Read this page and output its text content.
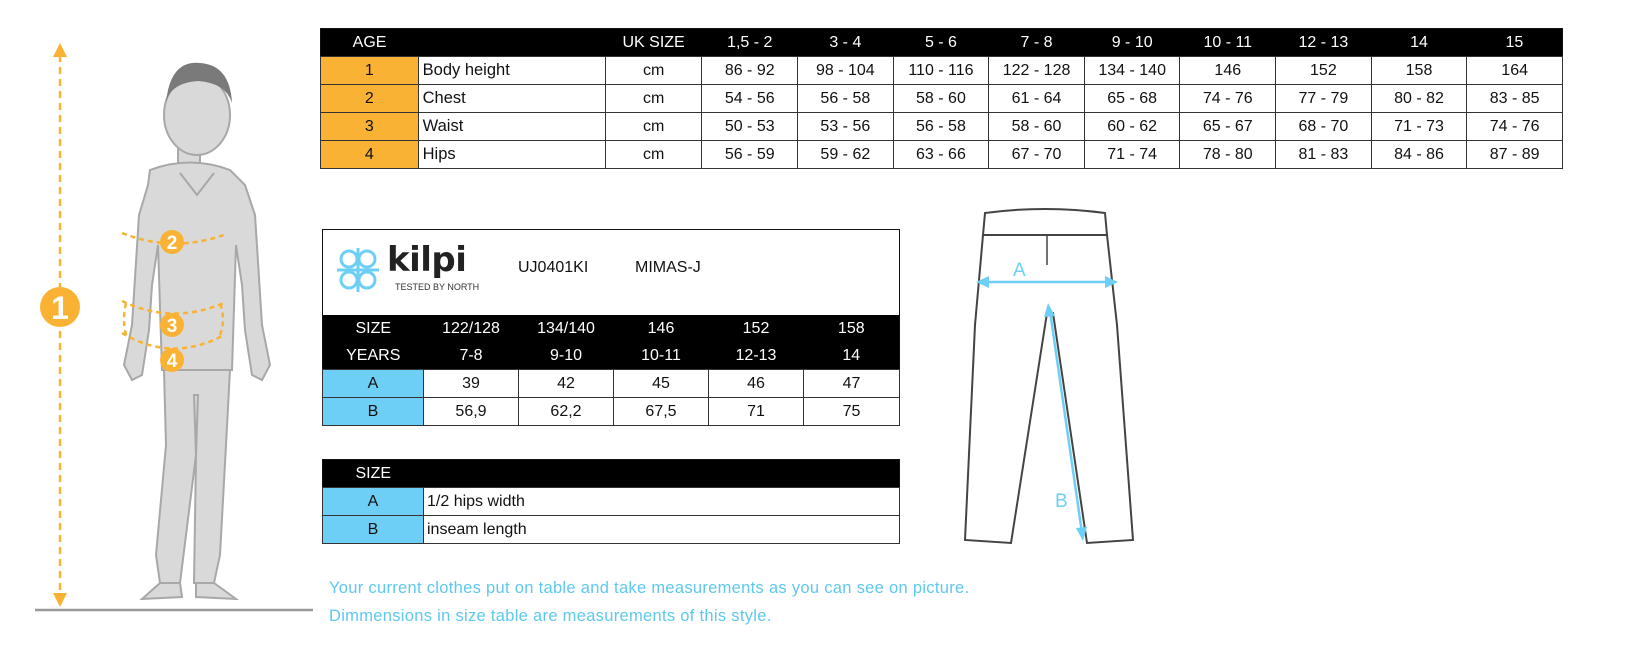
1
2
3
4
AGE		UK SIZE	1,5 - 2	3 - 4	5 - 6	7 - 8	9 - 10	10 - 11	12 - 13	14	15
1	Body height	cm	86 - 92	98 - 104	110 - 116	122 - 128	134 - 140	146	152	158	164
2	Chest	cm	54 - 56	56 - 58	58 - 60	61 - 64	65 - 68	74 - 76	77 - 79	80 - 82	83 - 85
3	Waist	cm	50 - 53	53 - 56	56 - 58	58 - 60	60 - 62	65 - 67	68 - 70	71 - 73	74 - 76
4	Hips	cm	56 - 59	59 - 62	63 - 66	67 - 70	71 - 74	78 - 80	81 - 83	84 - 86	87 - 89
kilpi
TESTED BY NORTH
UJ0401KI MIMAS-J					

SIZE	122/128	134/140	146	152	158
YEARS	7-8	9-10	10-11	12-13	14
A	39	42	45	46	47
B	56,9	62,2	67,5	71	75
SIZE	
A	1/2 hips width
B	inseam length
A
B
Your current clothes put on table and take measurements as you can see on picture.
Dimmensions in size table are measurements of this style.
